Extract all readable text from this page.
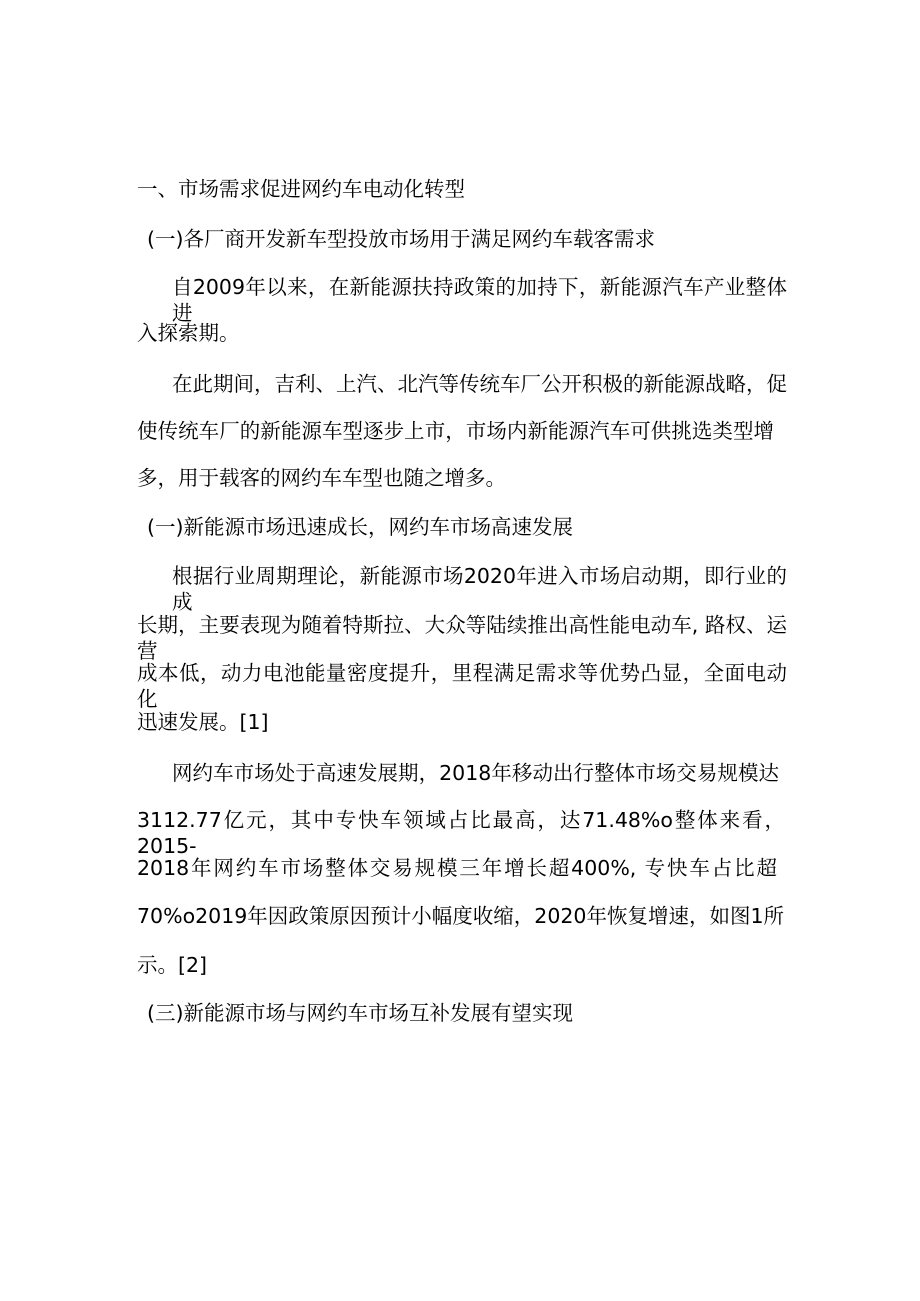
一、市场需求促进网约车电动化转型

(一)各厂商开发新车型投放市场用于满足网约车载客需求

自2009年以来，在新能源扶持政策的加持下，新能源汽车产业整体进

入探索期。

在此期间，吉利、上汽、北汽等传统车厂公开积极的新能源战略，促

使传统车厂的新能源车型逐步上市，市场内新能源汽车可供挑选类型增

多，用于载客的网约车车型也随之增多。

(一)新能源市场迅速成长，网约车市场高速发展

根据行业周期理论，新能源市场2020年进入市场启动期，即行业的成

长期，主要表现为随着特斯拉、大众等陆续推出高性能电动车, 路权、运营

成本低，动力电池能量密度提升，里程满足需求等优势凸显，全面电动化

迅速发展。[1]

网约车市场处于高速发展期，2018年移动出行整体市场交易规模达

3112.77亿元，其中专快车领域占比最高，达71.48%o整体来看，2015-

2018年网约车市场整体交易规模三年增长超400%, 专快车占比超

70%o2019年因政策原因预计小幅度收缩，2020年恢复增速，如图1所

示。[2]

(三)新能源市场与网约车市场互补发展有望实现
